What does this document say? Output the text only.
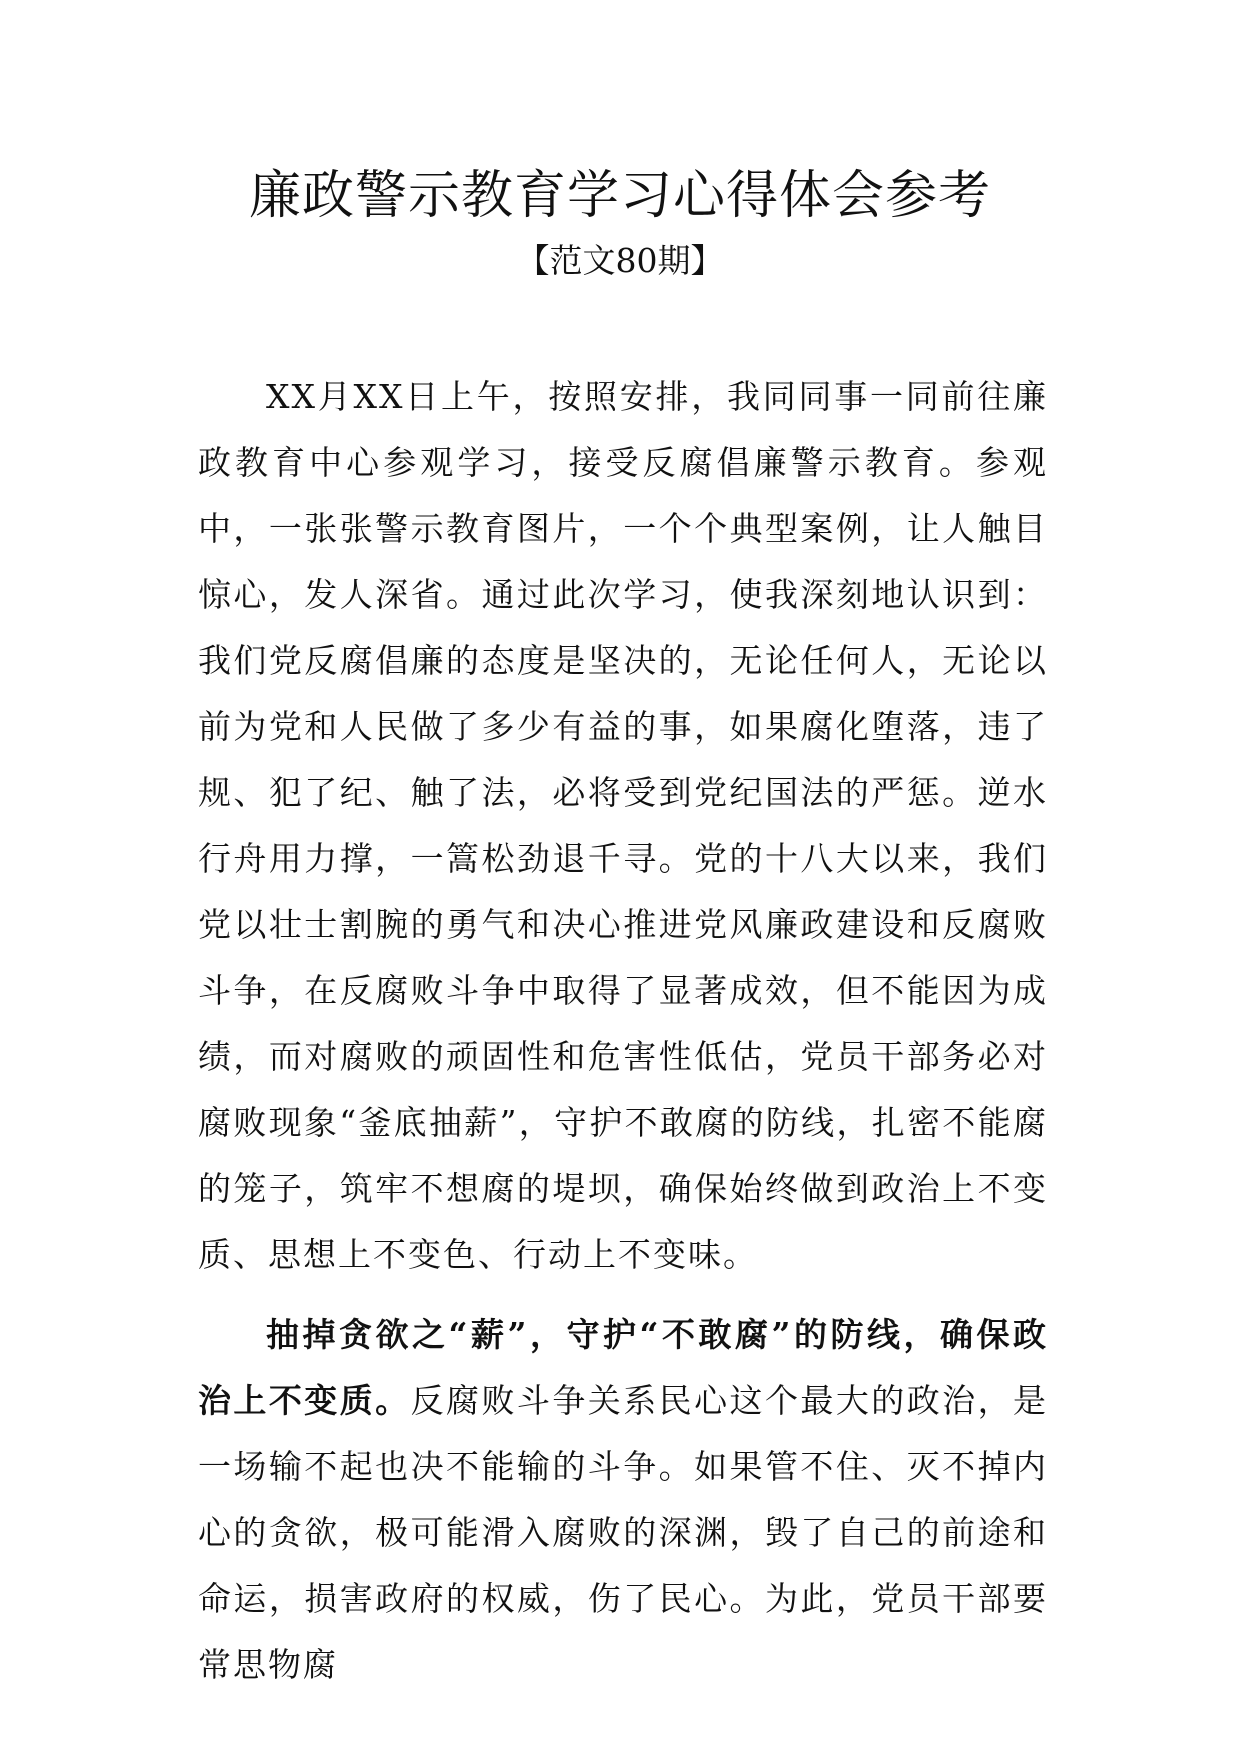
廉政警示教育学习心得体会参考
【范文80期】

XX月XX日上午，按照安排，我同同事一同前往廉政教育中心参观学习，接受反腐倡廉警示教育。参观中，一张张警示教育图片，一个个典型案例，让人触目惊心，发人深省。通过此次学习，使我深刻地认识到：我们党反腐倡廉的态度是坚决的，无论任何人，无论以前为党和人民做了多少有益的事，如果腐化堕落，违了规、犯了纪、触了法，必将受到党纪国法的严惩。逆水行舟用力撑，一篙松劲退千寻。党的十八大以来，我们党以壮士割腕的勇气和决心推进党风廉政建设和反腐败斗争，在反腐败斗争中取得了显著成效，但不能因为成绩，而对腐败的顽固性和危害性低估，党员干部务必对腐败现象“釜底抽薪”，守护不敢腐的防线，扎密不能腐的笼子，筑牢不想腐的堤坝，确保始终做到政治上不变质、思想上不变色、行动上不变味。

抽掉贪欲之“薪”，守护“不敢腐”的防线，确保政治上不变质。反腐败斗争关系民心这个最大的政治，是一场输不起也决不能输的斗争。如果管不住、灭不掉内心的贪欲，极可能滑入腐败的深渊，毁了自己的前途和命运，损害政府的权威，伤了民心。为此，党员干部要常思物腐
